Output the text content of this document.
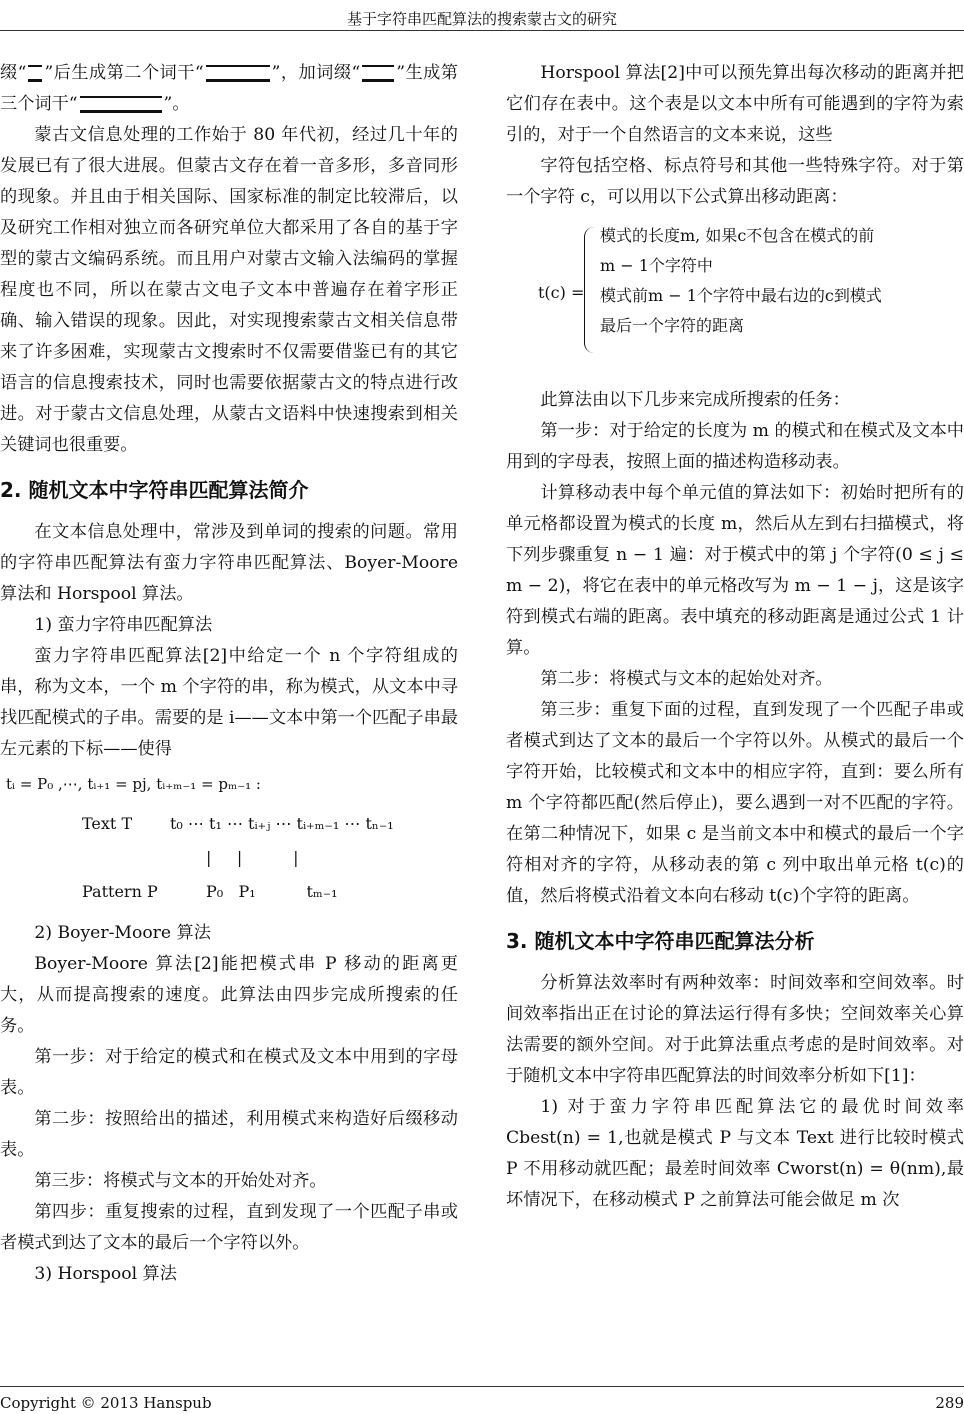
基于字符串匹配算法的搜索蒙古文的研究

缀“ ”后生成第二个词干“	”，加词缀“ ”生成第三个词干“	”。

蒙古文信息处理的工作始于 80 年代初，经过几十年的发展已有了很大进展。但蒙古文存在着一音多形，多音同形的现象。并且由于相关国际、国家标准的制定比较滞后，以及研究工作相对独立而各研究单位大都采用了各自的基于字型的蒙古文编码系统。而且用户对蒙古文输入法编码的掌握程度也不同，所以在蒙古文电子文本中普遍存在着字形正确、输入错误的现象。因此，对实现搜索蒙古文相关信息带来了许多困难，实现蒙古文搜索时不仅需要借鉴已有的其它语言的信息搜索技术，同时也需要依据蒙古文的特点进行改进。对于蒙古文信息处理，从蒙古文语料中快速搜索到相关关键词也很重要。

2. 随机文本中字符串匹配算法简介

在文本信息处理中，常涉及到单词的搜索的问题。常用的字符串匹配算法有蛮力字符串匹配算法、Boyer-Moore 算法和 Horspool 算法。

1) 蛮力字符串匹配算法

蛮力字符串匹配算法[2]中给定一个 n 个字符组成的串，称为文本，一个 m 个字符的串，称为模式，从文本中寻找匹配模式的子串。需要的是 i——文本中第一个匹配子串最左元素的下标——使得

tᵢ = P₀ ,⋯, tᵢ₊₁ = pj, tᵢ₊ₘ₋₁ = pₘ₋₁ :
Text T t₀ ⋯ t₁ ⋯ tᵢ₊ⱼ ⋯ tᵢ₊ₘ₋₁ ⋯ tₙ₋₁
|     |          |
Pattern P	P₀   P₁          tₘ₋₁

2) Boyer-Moore 算法

Boyer-Moore 算法[2]能把模式串 P 移动的距离更大，从而提高搜索的速度。此算法由四步完成所搜索的任务。

第一步：对于给定的模式和在模式及文本中用到的字母表。

第二步：按照给出的描述，利用模式来构造好后缀移动表。

第三步：将模式与文本的开始处对齐。

第四步：重复搜索的过程，直到发现了一个匹配子串或者模式到达了文本的最后一个字符以外。

3) Horspool 算法

Horspool 算法[2]中可以预先算出每次移动的距离并把它们存在表中。这个表是以文本中所有可能遇到的字符为索引的，对于一个自然语言的文本来说，这些

字符包括空格、标点符号和其他一些特殊字符。对于第一个字符 c，可以用以下公式算出移动距离：

t(c) =
模式的长度m, 如果c不包含在模式的前
m − 1个字符中
模式前m − 1个字符中最右边的c到模式
最后一个字符的距离

此算法由以下几步来完成所搜索的任务：

第一步：对于给定的长度为 m 的模式和在模式及文本中用到的字母表，按照上面的描述构造移动表。

计算移动表中每个单元值的算法如下：初始时把所有的单元格都设置为模式的长度 m，然后从左到右扫描模式，将下列步骤重复 n − 1 遍：对于模式中的第 j 个字符(0 ≤ j ≤ m − 2)，将它在表中的单元格改写为 m − 1 − j，这是该字符到模式右端的距离。表中填充的移动距离是通过公式 1 计算。

第二步：将模式与文本的起始处对齐。

第三步：重复下面的过程，直到发现了一个匹配子串或者模式到达了文本的最后一个字符以外。从模式的最后一个字符开始，比较模式和文本中的相应字符，直到：要么所有 m 个字符都匹配(然后停止)，要么遇到一对不匹配的字符。在第二种情况下，如果 c 是当前文本中和模式的最后一个字符相对齐的字符，从移动表的第 c 列中取出单元格 t(c)的值，然后将模式沿着文本向右移动 t(c)个字符的距离。

3. 随机文本中字符串匹配算法分析

分析算法效率时有两种效率：时间效率和空间效率。时间效率指出正在讨论的算法运行得有多快；空间效率关心算法需要的额外空间。对于此算法重点考虑的是时间效率。对于随机文本中字符串匹配算法的时间效率分析如下[1]：

1) 对于蛮力字符串匹配算法它的最优时间效率 Cbest(n) = 1,也就是模式 P 与文本 Text 进行比较时模式 P 不用移动就匹配；最差时间效率 Cworst(n) = θ(nm),最坏情况下，在移动模式 P 之前算法可能会做足 m 次

Copyright © 2013 Hanspub	289
